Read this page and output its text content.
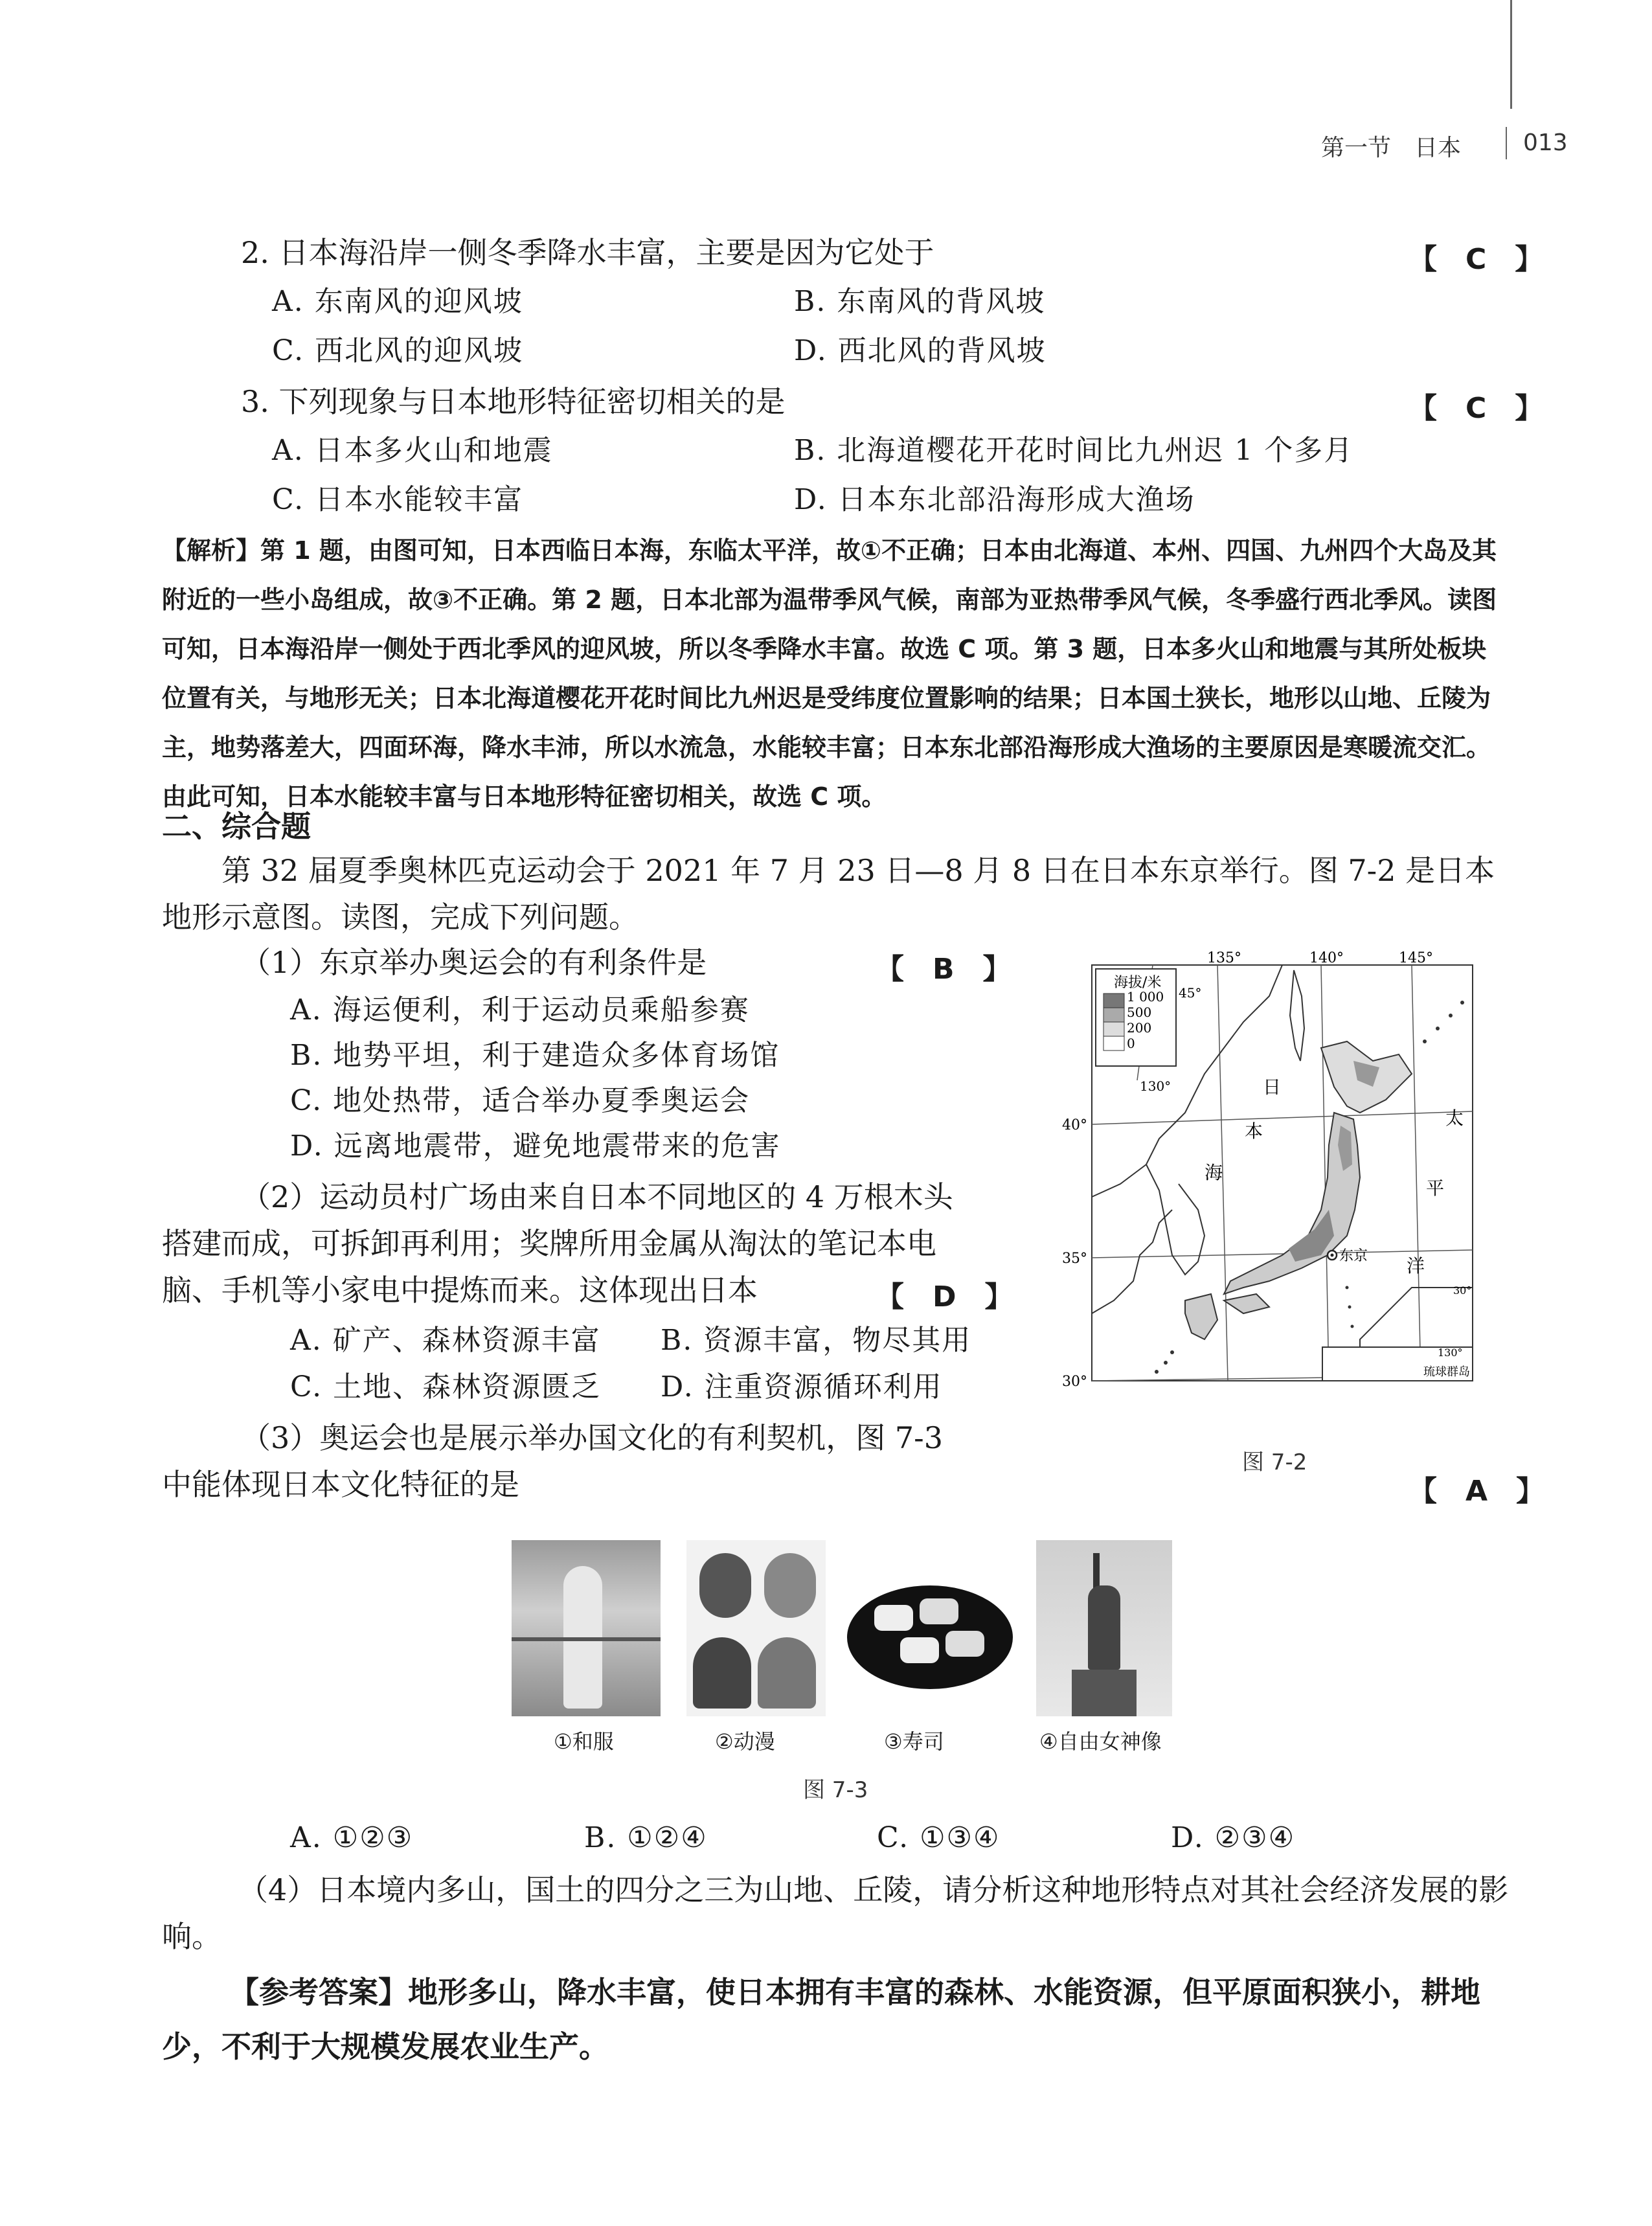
第一节　日本	013
2. 日本海沿岸一侧冬季降水丰富，主要是因为它处于	【　C　】
A. 东南风的迎风坡	B. 东南风的背风坡
C. 西北风的迎风坡	D. 西北风的背风坡
3. 下列现象与日本地形特征密切相关的是	【　C　】
A. 日本多火山和地震	B. 北海道樱花开花时间比九州迟 1 个多月
C. 日本水能较丰富	D. 日本东北部沿海形成大渔场
【解析】第 1 题，由图可知，日本西临日本海，东临太平洋，故①不正确；日本由北海道、本州、四国、九州四个大岛及其附近的一些小岛组成，故③不正确。第 2 题，日本北部为温带季风气候，南部为亚热带季风气候，冬季盛行西北季风。读图可知，日本海沿岸一侧处于西北季风的迎风坡，所以冬季降水丰富。故选 C 项。第 3 题，日本多火山和地震与其所处板块位置有关，与地形无关；日本北海道樱花开花时间比九州迟是受纬度位置影响的结果；日本国土狭长，地形以山地、丘陵为主，地势落差大，四面环海，降水丰沛，所以水流急，水能较丰富；日本东北部沿海形成大渔场的主要原因是寒暖流交汇。由此可知，日本水能较丰富与日本地形特征密切相关，故选 C 项。
二、综合题
第 32 届夏季奥林匹克运动会于 2021 年 7 月 23 日—8 月 8 日在日本东京举行。图 7-2 是日本地形示意图。读图，完成下列问题。
（1）东京举办奥运会的有利条件是	【　B　】
A. 海运便利，利于运动员乘船参赛
B. 地势平坦，利于建造众多体育场馆
C. 地处热带，适合举办夏季奥运会
D. 远离地震带，避免地震带来的危害
（2）运动员村广场由来自日本不同地区的 4 万根木头
搭建而成，可拆卸再利用；奖牌所用金属从淘汰的笔记本电
脑、手机等小家电中提炼而来。这体现出日本	【　D　】
A. 矿产、森林资源丰富 B. 资源丰富，物尽其用
C. 土地、森林资源匮乏 D. 注重资源循环利用
（3）奥运会也是展示举办国文化的有利契机，图 7-3
中能体现日本文化特征的是	【　A　】
海拔/米
1 000
500
200
0
135°	140°	145°
40°
35°
30°
45°
130°	日
本
海
太
平
洋
东京
琉球群岛
30°
130°
图 7-2
①和服	②动漫	③寿司	④自由女神像
图 7-3
A. ①②③	B. ①②④	C. ①③④	D. ②③④
（4）日本境内多山，国土的四分之三为山地、丘陵，请分析这种地形特点对其社会经济发展的影响。
【参考答案】地形多山，降水丰富，使日本拥有丰富的森林、水能资源，但平原面积狭小，耕地少，不利于大规模发展农业生产。
